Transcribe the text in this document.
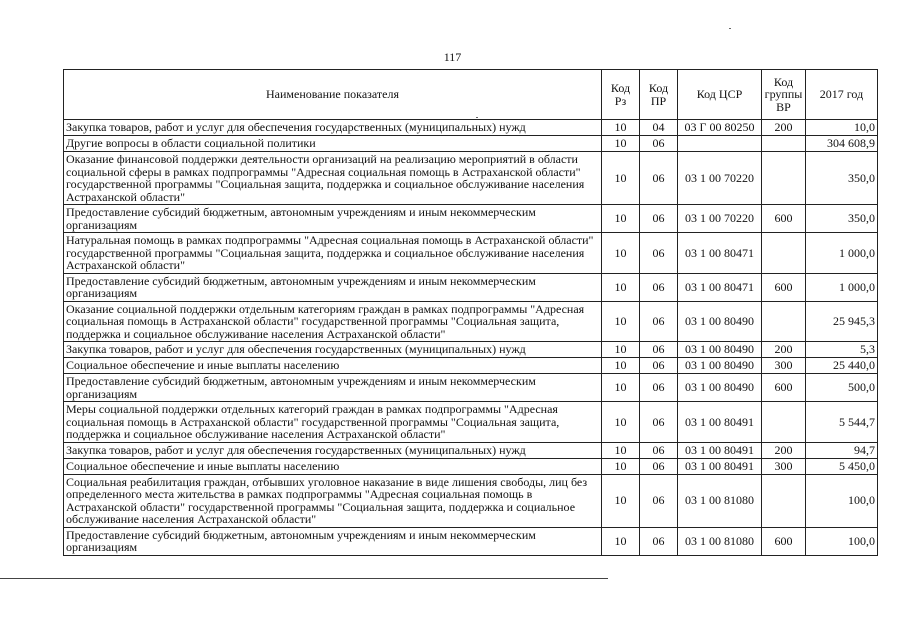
117
Наименование показателя	Код Рз	Код ПР	Код ЦСР	Код группы ВР	2017 год
Закупка товаров, работ и услуг для обеспечения государственных (муниципальных) нужд	10	04	03 Г 00 80250	200	10,0
Другие вопросы в области социальной политики	10	06			304 608,9
Оказание финансовой поддержки деятельности организаций на реализацию мероприятий в области социальной сферы в рамках подпрограммы "Адресная социальная помощь в Астраханской области" государственной программы "Социальная защита, поддержка и социальное обслуживание населения Астраханской области"	10	06	03 1 00 70220		350,0
Предоставление субсидий бюджетным, автономным учреждениям и иным некоммерческим организациям	10	06	03 1 00 70220	600	350,0
Натуральная помощь в рамках подпрограммы "Адресная социальная помощь в Астраханской области" государственной программы "Социальная защита, поддержка и социальное обслуживание населения Астраханской области"	10	06	03 1 00 80471		1 000,0
Предоставление субсидий бюджетным, автономным учреждениям и иным некоммерческим организациям	10	06	03 1 00 80471	600	1 000,0
Оказание социальной поддержки отдельным категориям граждан в рамках подпрограммы "Адресная социальная помощь в Астраханской области" государственной программы "Социальная защита, поддержка и социальное обслуживание населения Астраханской области"	10	06	03 1 00 80490		25 945,3
Закупка товаров, работ и услуг для обеспечения государственных (муниципальных) нужд	10	06	03 1 00 80490	200	5,3
Социальное обеспечение и иные выплаты населению	10	06	03 1 00 80490	300	25 440,0
Предоставление субсидий бюджетным, автономным учреждениям и иным некоммерческим организациям	10	06	03 1 00 80490	600	500,0
Меры социальной поддержки отдельных категорий граждан в рамках подпрограммы "Адресная социальная помощь в Астраханской области" государственной программы "Социальная защита, поддержка и социальное обслуживание населения Астраханской области"	10	06	03 1 00 80491		5 544,7
Закупка товаров, работ и услуг для обеспечения государственных (муниципальных) нужд	10	06	03 1 00 80491	200	94,7
Социальное обеспечение и иные выплаты населению	10	06	03 1 00 80491	300	5 450,0
Социальная реабилитация граждан, отбывших уголовное наказание в виде лишения свободы, лиц без определенного места жительства в рамках подпрограммы "Адресная социальная помощь в Астраханской области" государственной программы "Социальная защита, поддержка и социальное обслуживание населения Астраханской области"	10	06	03 1 00 81080		100,0
Предоставление субсидий бюджетным, автономным учреждениям и иным некоммерческим организациям	10	06	03 1 00 81080	600	100,0
